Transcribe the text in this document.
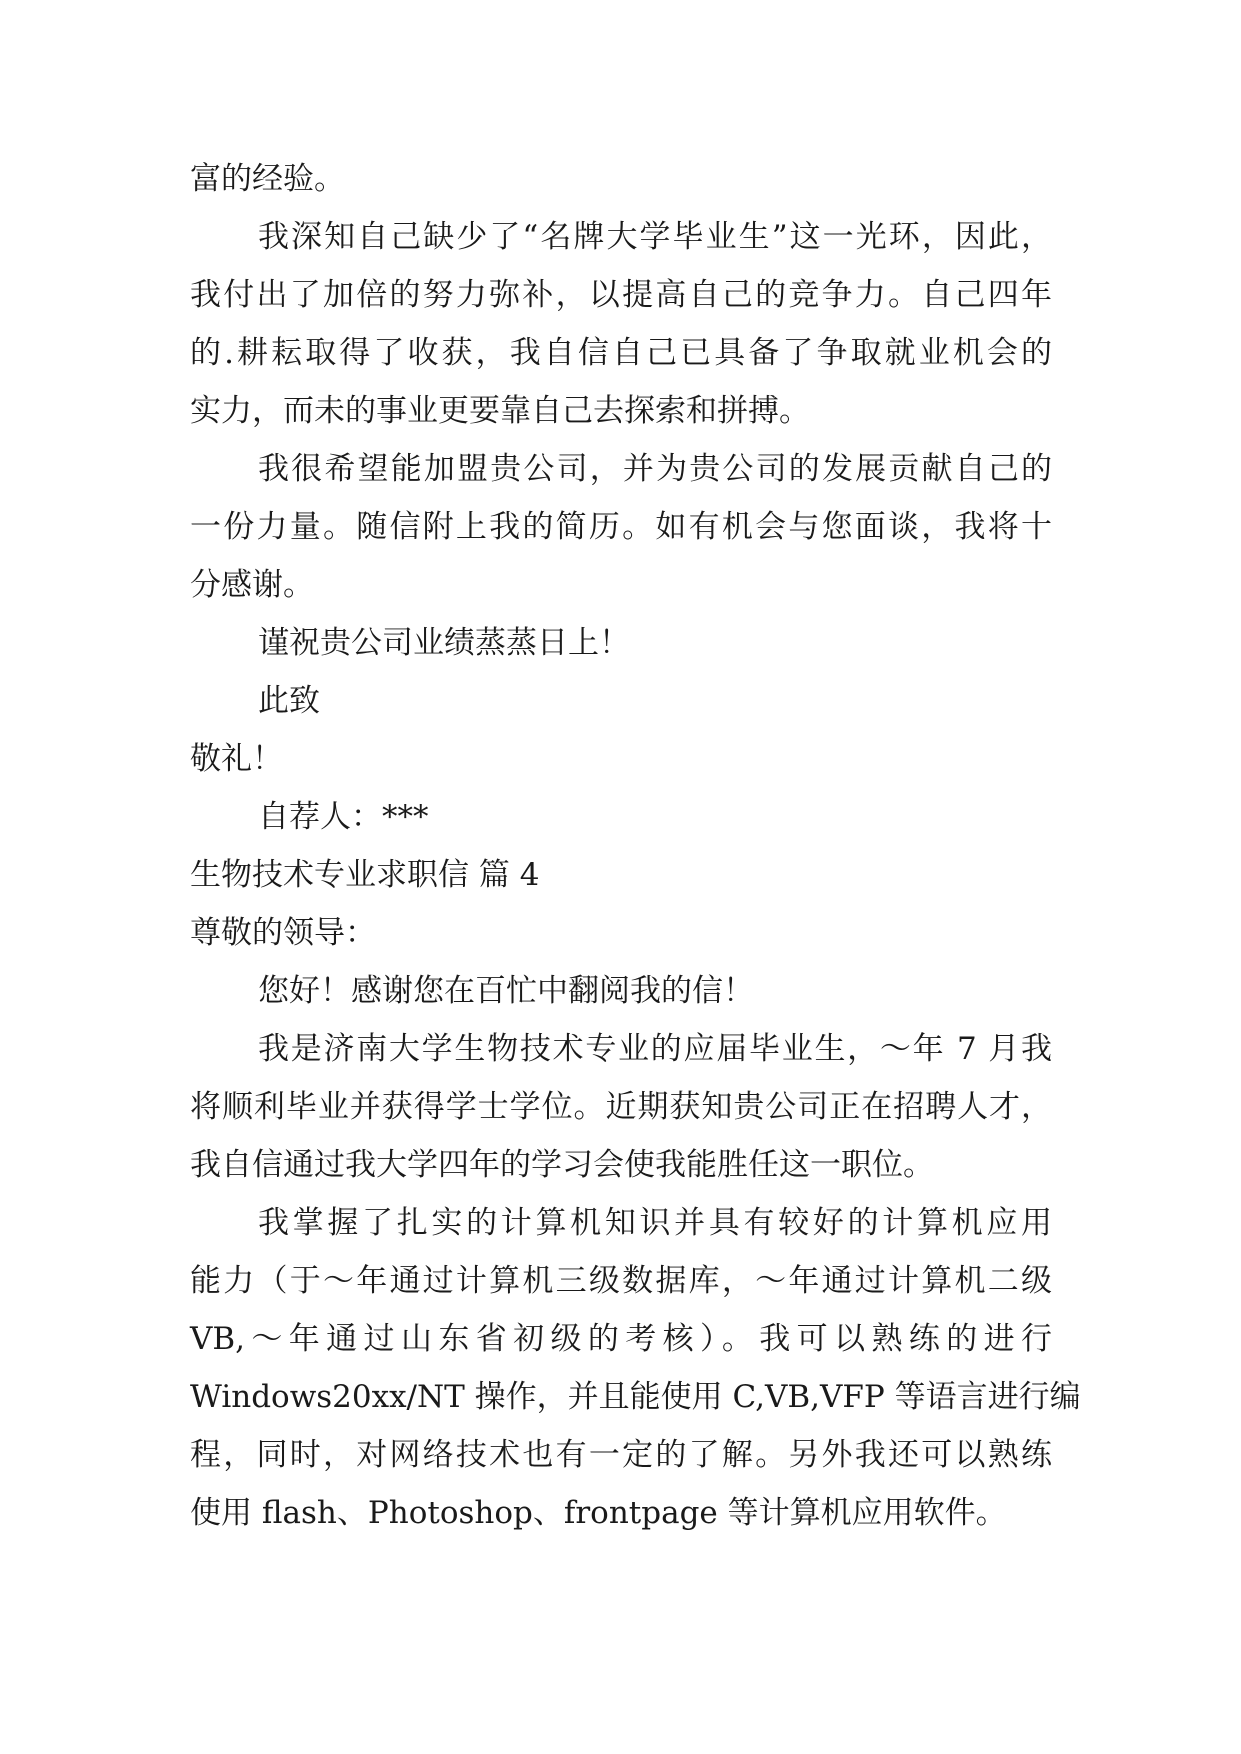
富的经验。
我深知自己缺少了“名牌大学毕业生”这一光环，因此，
我付出了加倍的努力弥补，以提高自己的竞争力。自己四年
的.耕耘取得了收获，我自信自己已具备了争取就业机会的
实力，而未的事业更要靠自己去探索和拼搏。
我很希望能加盟贵公司，并为贵公司的发展贡献自己的
一份力量。随信附上我的简历。如有机会与您面谈，我将十
分感谢。
谨祝贵公司业绩蒸蒸日上！
此致
敬礼！
自荐人：***
生物技术专业求职信 篇 4
尊敬的领导：
您好！感谢您在百忙中翻阅我的信！
我是济南大学生物技术专业的应届毕业生，～年 7 月我
将顺利毕业并获得学士学位。近期获知贵公司正在招聘人才，
我自信通过我大学四年的学习会使我能胜任这一职位。
我掌握了扎实的计算机知识并具有较好的计算机应用
能力（于～年通过计算机三级数据库，～年通过计算机二级
VB,～年通过山东省初级的考核）。我可以熟练的进行
Windows20xx/NT 操作，并且能使用 C,VB,VFP 等语言进行编
程，同时，对网络技术也有一定的了解。另外我还可以熟练
使用 flash、Photoshop、frontpage 等计算机应用软件。
